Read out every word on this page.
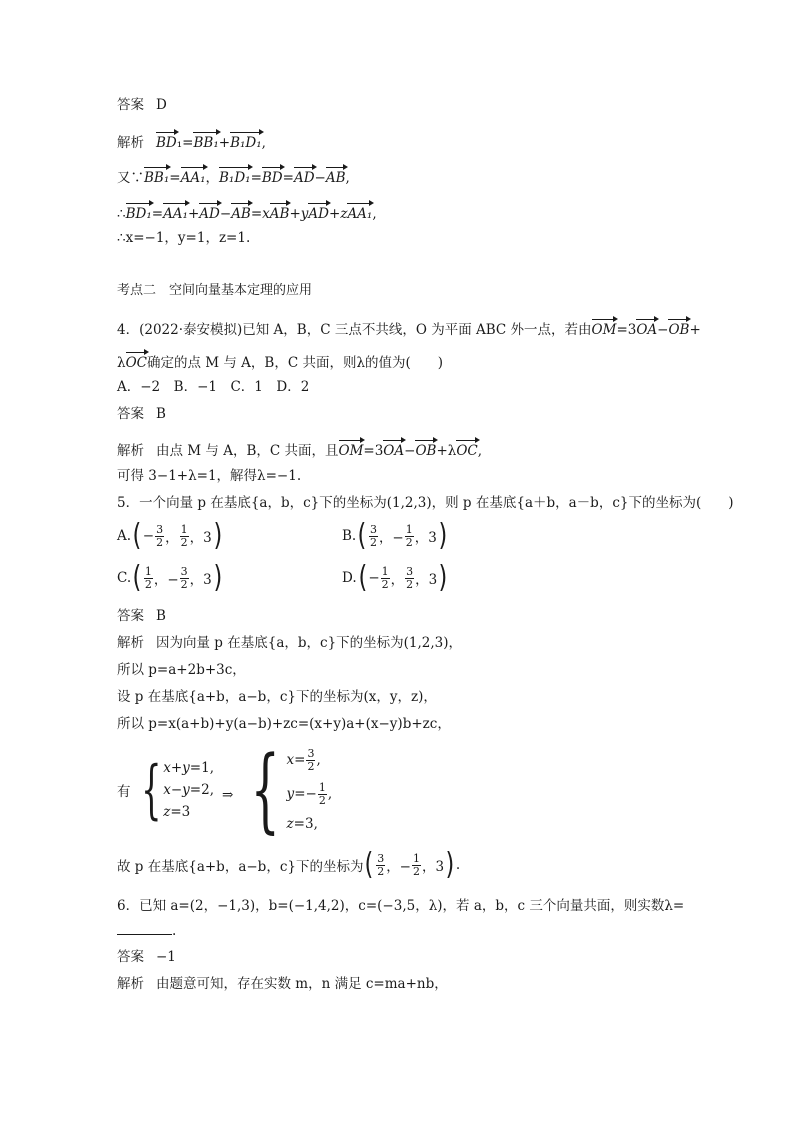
答案 D
解析 BD₁=BB₁+B₁D₁,
又∵BB₁=AA₁，B₁D₁=BD=AD−AB,
∴BD₁=AA₁+AD−AB=xAB+yAD+zAA₁,
∴x=−1，y=1，z=1.
考点二　空间向量基本定理的应用
4．(2022·泰安模拟)已知 A，B，C 三点不共线，O 为平面 ABC 外一点，若由OM=3OA−OB+
λOC确定的点 M 与 A，B，C 共面，则λ的值为(　　)
A．−2　B．−1　C．1　D．2
答案 B
解析 由点 M 与 A，B，C 共面，且OM=3OA−OB+λOC,
可得 3−1+λ=1，解得λ=−1.
5．一个向量 p 在基底{a，b，c}下的坐标为(1,2,3)，则 p 在基底{a＋b，a－b，c}下的坐标为(　　)
A. ( − $\frac{3}{2}$ ， $\frac{1}{2}$ ，3 )	B. ( $\frac{3}{2}$ ，− $\frac{1}{2}$ ，3 )
C. ( $\frac{1}{2}$ ，− $\frac{3}{2}$ ，3 )	D. ( − $\frac{1}{2}$ ， $\frac{3}{2}$ ，3 )
答案 B
解析 因为向量 p 在基底{a，b，c}下的坐标为(1,2,3)，
所以 p=a+2b+3c，
设 p 在基底{a+b，a−b，c}下的坐标为(x，y，z)，
所以 p=x(a+b)+y(a−b)+zc=(x+y)a+(x−y)b+zc，
有 { x + y =1,
x − y =2,
z =3
⇒ { $x = \frac{3}{2}$ ,
$y =- \frac{1}{2}$ ,
z =3,
故 p 在基底{a+b，a−b，c}下的坐标为 ( $\frac{3}{2}$ ，− $\frac{1}{2}$ ，3 ) .
6．已知 a=(2，−1,3)，b=(−1,4,2)，c=(−3,5，λ)，若 a，b，c 三个向量共面，则实数λ=
.
答案 −1
解析 由题意可知，存在实数 m，n 满足 c=ma+nb，
